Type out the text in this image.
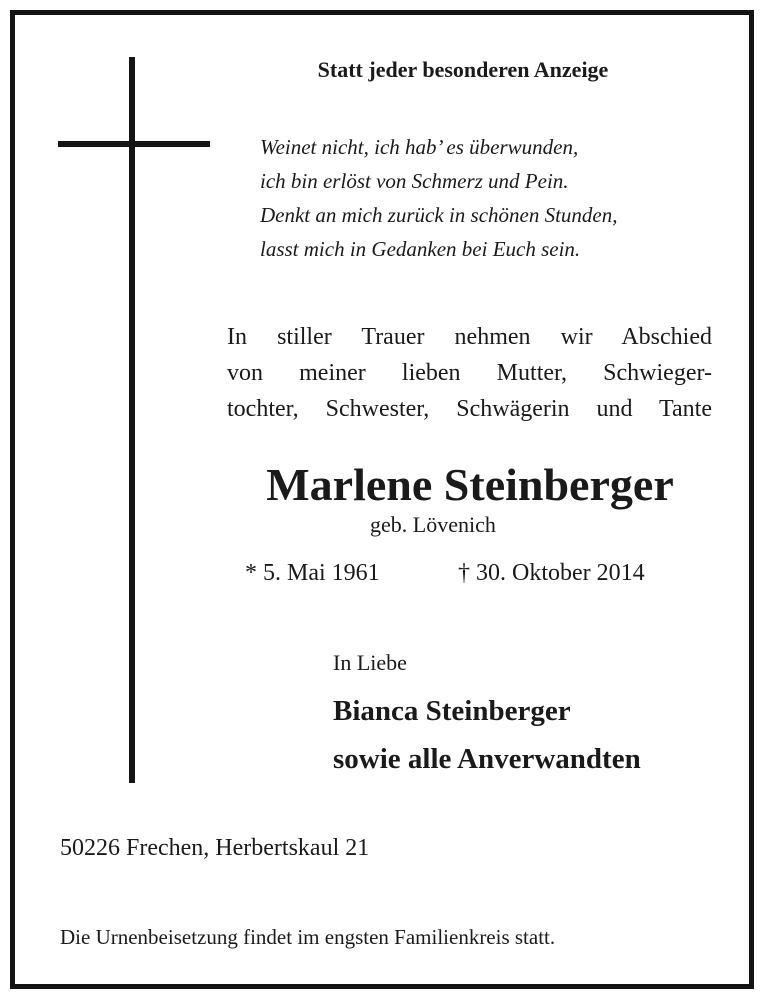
Statt jeder besonderen Anzeige
Weinet nicht, ich hab’ es überwunden,
ich bin erlöst von Schmerz und Pein.
Denkt an mich zurück in schönen Stunden,
lasst mich in Gedanken bei Euch sein.
In stiller Trauer nehmen wir Abschied
von meiner lieben Mutter, Schwieger-
tochter, Schwester, Schwägerin und Tante
Marlene Steinberger
geb. Lövenich
* 5. Mai 1961	† 30. Oktober 2014
In Liebe
Bianca Steinberger
sowie alle Anverwandten
50226 Frechen, Herbertskaul 21
Die Urnenbeisetzung findet im engsten Familienkreis statt.
